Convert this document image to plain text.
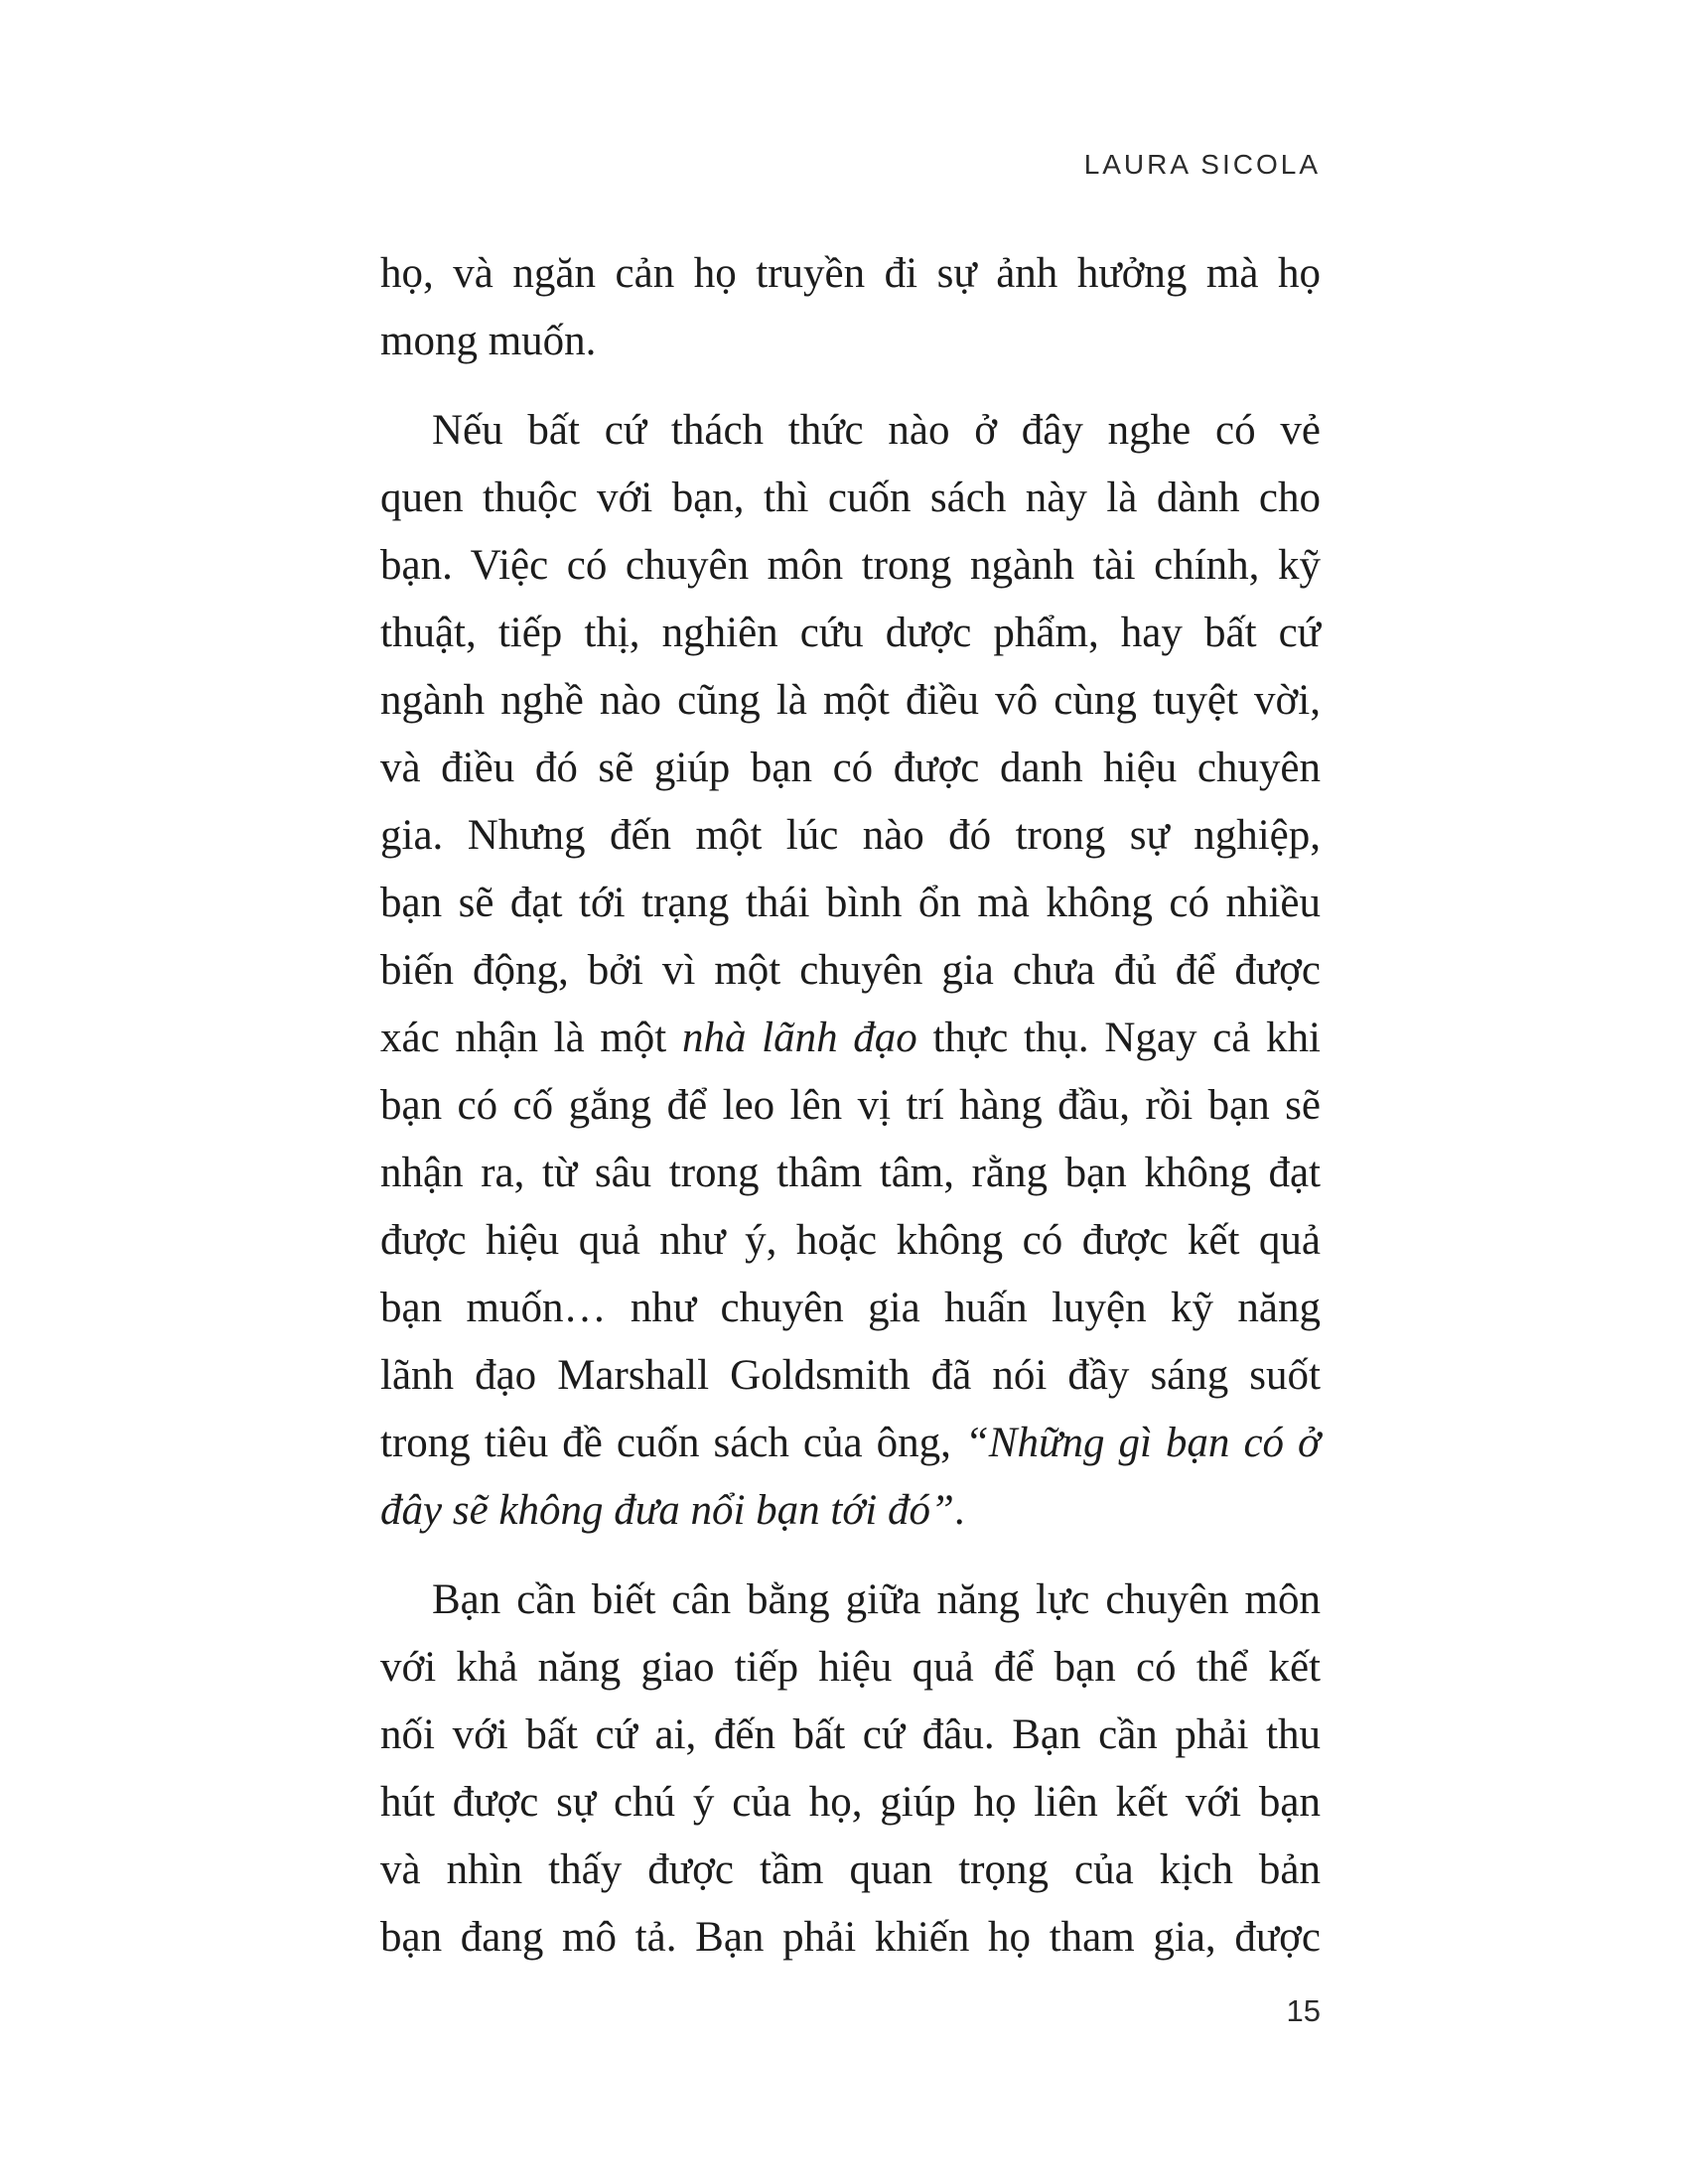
LAURA SICOLA
họ, và ngăn cản họ truyền đi sự ảnh hưởng mà họ
mong muốn.
Nếu bất cứ thách thức nào ở đây nghe có vẻ
quen thuộc với bạn, thì cuốn sách này là dành cho
bạn. Việc có chuyên môn trong ngành tài chính, kỹ
thuật, tiếp thị, nghiên cứu dược phẩm, hay bất cứ
ngành nghề nào cũng là một điều vô cùng tuyệt vời,
và điều đó sẽ giúp bạn có được danh hiệu chuyên
gia. Nhưng đến một lúc nào đó trong sự nghiệp,
bạn sẽ đạt tới trạng thái bình ổn mà không có nhiều
biến động, bởi vì một chuyên gia chưa đủ để được
xác nhận là một nhà lãnh đạo thực thụ. Ngay cả khi
bạn có cố gắng để leo lên vị trí hàng đầu, rồi bạn sẽ
nhận ra, từ sâu trong thâm tâm, rằng bạn không đạt
được hiệu quả như ý, hoặc không có được kết quả
bạn muốn… như chuyên gia huấn luyện kỹ năng
lãnh đạo Marshall Goldsmith đã nói đầy sáng suốt
trong tiêu đề cuốn sách của ông, “Những gì bạn có ở
đây sẽ không đưa nổi bạn tới đó”.
Bạn cần biết cân bằng giữa năng lực chuyên môn
với khả năng giao tiếp hiệu quả để bạn có thể kết
nối với bất cứ ai, đến bất cứ đâu. Bạn cần phải thu
hút được sự chú ý của họ, giúp họ liên kết với bạn
và nhìn thấy được tầm quan trọng của kịch bản
bạn đang mô tả. Bạn phải khiến họ tham gia, được
15
